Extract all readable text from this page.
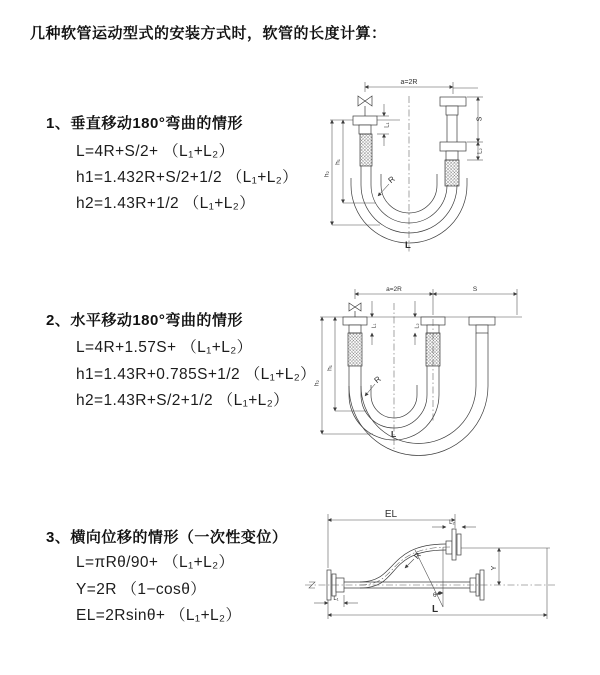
几种软管运动型式的安装方式时，软管的长度计算：
1、垂直移动180°弯曲的情形
L=4R+S/2+ （L₁+L₂）
h1=1.432R+S/2+1/2 （L₁+L₂）
h2=1.43R+1/2 （L₁+L₂）
2、水平移动180°弯曲的情形
L=4R+1.57S+ （L₁+L₂）
h1=1.43R+0.785S+1/2 （L₁+L₂）
h2=1.43R+S/2+1/2 （L₁+L₂）
3、横向位移的情形（一次性变位）
L=πRθ/90+ （L₁+L₂）
Y=2R （1−cosθ）
EL=2Rsinθ+ （L₁+L₂）
a=2R
L₁
S
L₂
h₁
h₂
R
L
a=2R	S
L₁	L₂
h₁
h₂	R
L
EL
L₂
Y
θ
R
L₁
L
